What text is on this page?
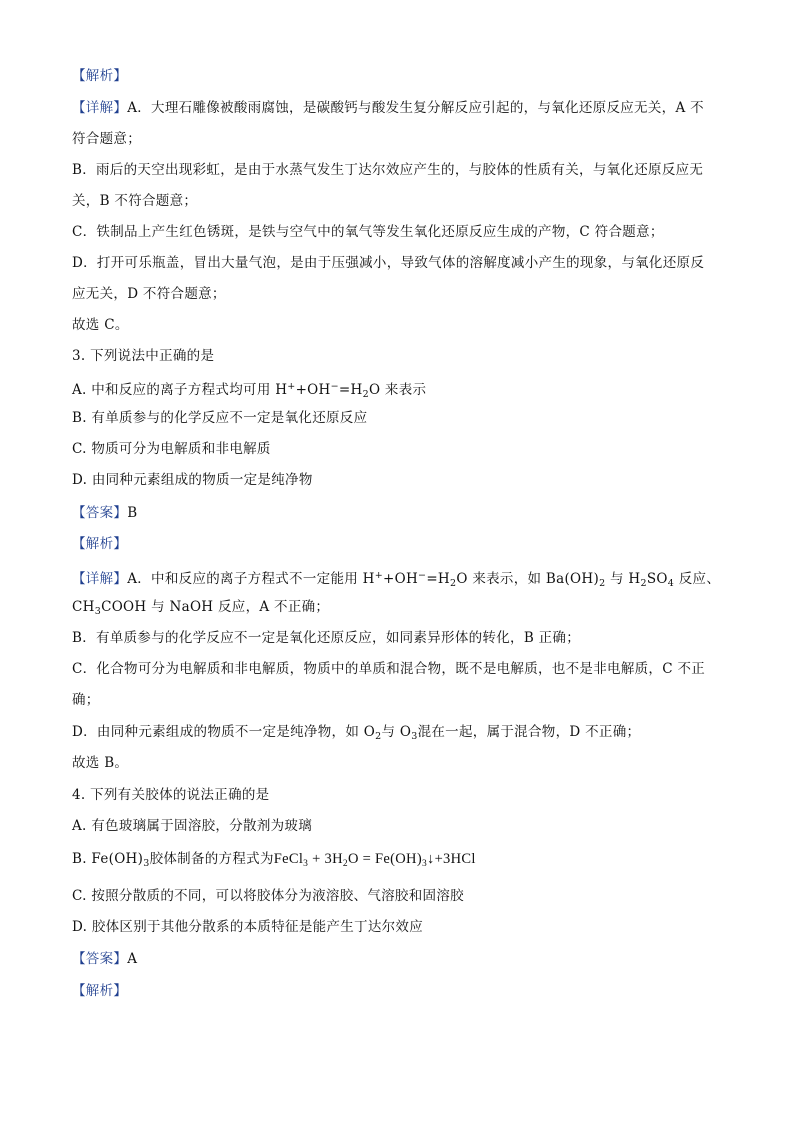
【解析】
【详解】A．大理石雕像被酸雨腐蚀，是碳酸钙与酸发生复分解反应引起的，与氧化还原反应无关，A 不
符合题意；
B．雨后的天空出现彩虹，是由于水蒸气发生丁达尔效应产生的，与胶体的性质有关，与氧化还原反应无
关，B 不符合题意；
C．铁制品上产生红色锈斑，是铁与空气中的氧气等发生氧化还原反应生成的产物，C 符合题意；
D．打开可乐瓶盖，冒出大量气泡，是由于压强减小，导致气体的溶解度减小产生的现象，与氧化还原反
应无关，D 不符合题意；
故选 C。
3. 下列说法中正确的是
A. 中和反应的离子方程式均可用 $H^++OH^-=H_2O$ 来表示
B. 有单质参与的化学反应不一定是氧化还原反应
C. 物质可分为电解质和非电解质
D. 由同种元素组成的物质一定是纯净物
【答案】B
【解析】
【详解】A．中和反应的离子方程式不一定能用 $H^++OH^-=H_2O$ 来表示，如 $Ba(OH)_2$ 与 $H_2SO_4$ 反应、
$CH_3COOH$ 与 NaOH 反应，A 不正确；
B．有单质参与的化学反应不一定是氧化还原反应，如同素异形体的转化，B 正确；
C．化合物可分为电解质和非电解质，物质中的单质和混合物，既不是电解质，也不是非电解质，C 不正
确；
D．由同种元素组成的物质不一定是纯净物，如 $O_2$与 $O_3$混在一起，属于混合物，D 不正确；
故选 B。
4. 下列有关胶体的说法正确的是
A. 有色玻璃属于固溶胶，分散剂为玻璃
B. $Fe(OH)_3$胶体制备的方程式为FeCl$_3$ + $3H_2O$ = $Fe(OH)_3↓+3HCl$
C. 按照分散质的不同，可以将胶体分为液溶胶、气溶胶和固溶胶
D. 胶体区别于其他分散系的本质特征是能产生丁达尔效应
【答案】A
【解析】
